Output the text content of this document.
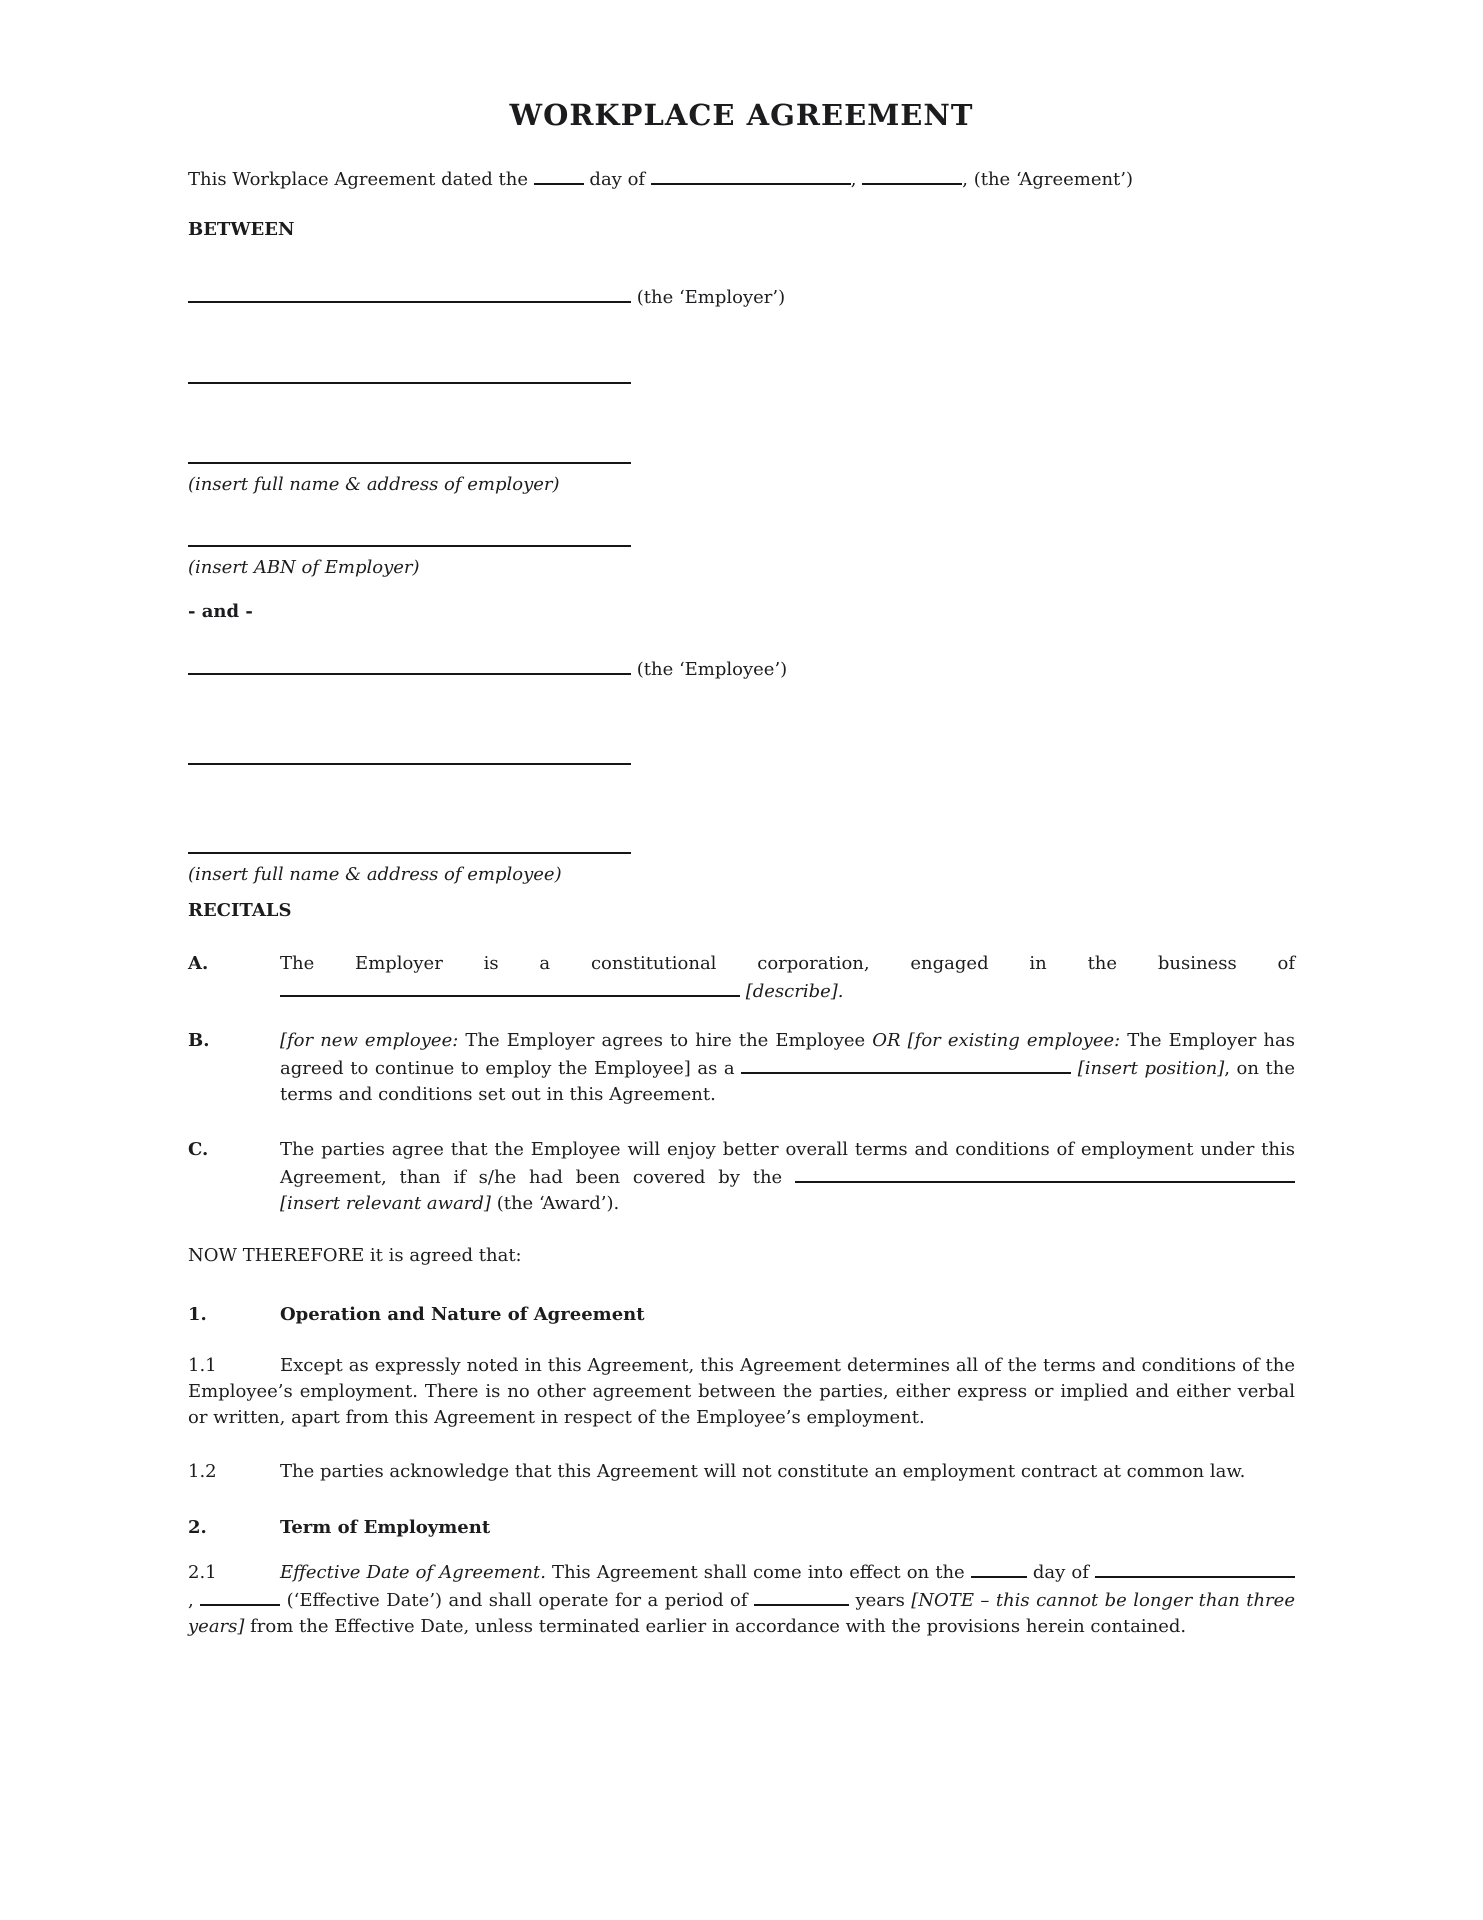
WORKPLACE AGREEMENT

This Workplace Agreement dated the	day of	,	, (the ‘Agreement’)

BETWEEN

(the ‘Employer’)
(insert full name & address of employer)
(insert ABN of Employer)

- and -

(the ‘Employee’)
(insert full name & address of employee)

RECITALS

A.	The Employer is a constitutional corporation, engaged in the business of  [describe].
B.	[for new employee: The Employer agrees to hire the Employee OR [for existing employee: The Employer has agreed to continue to employ the Employee] as a	[insert position], on the terms and conditions set out in this Agreement.
C.	The parties agree that the Employee will enjoy better overall terms and conditions of employment under this Agreement, than if s/he had been covered by the  [insert relevant award] (the ‘Award’).

NOW THEREFORE it is agreed that:

1.	Operation and Nature of Agreement
1.1	Except as expressly noted in this Agreement, this Agreement determines all of the terms and conditions of the Employee’s employment. There is no other agreement between the parties, either express or implied and either verbal or written, apart from this Agreement in respect of the Employee’s employment.
1.2	The parties acknowledge that this Agreement will not constitute an employment contract at common law.
2.	Term of Employment
2.1	Effective Date of Agreement. This Agreement shall come into effect on the	day of ,	(‘Effective Date’) and shall operate for a period of	years [NOTE – this cannot be longer than three years] from the Effective Date, unless terminated earlier in accordance with the provisions herein contained.
